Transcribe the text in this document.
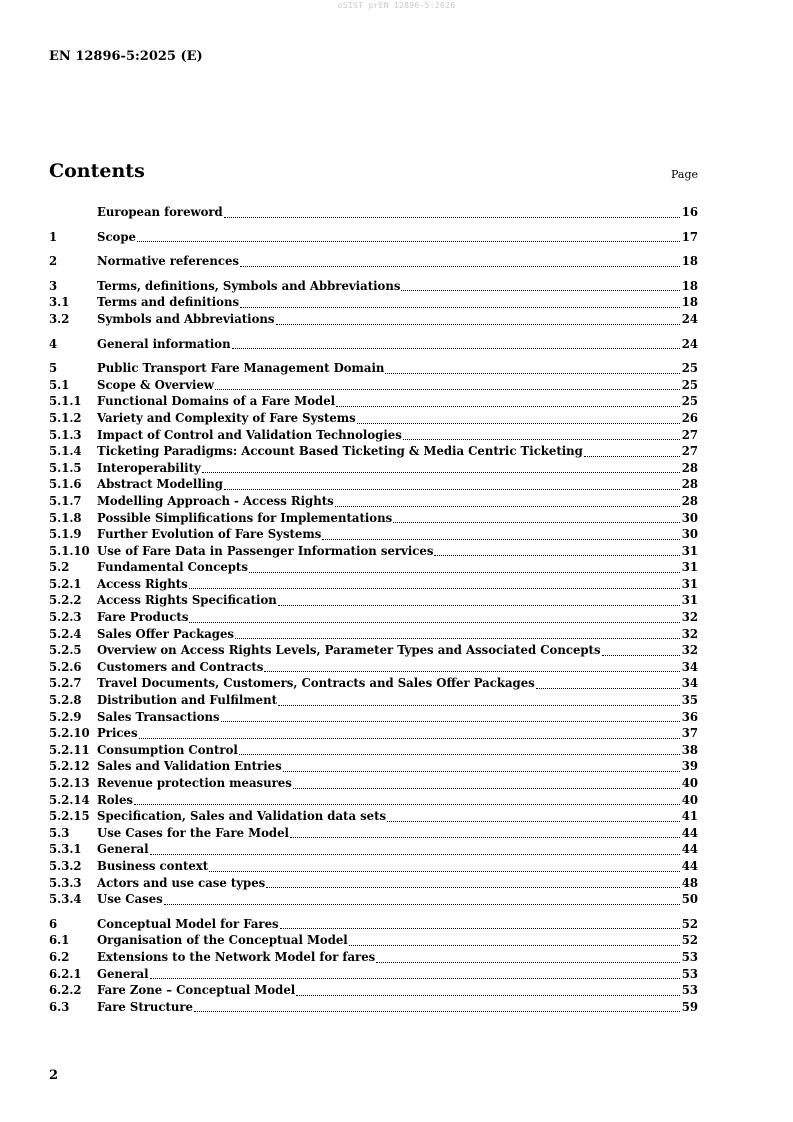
oSIST prEN 12896-5:2026
EN 12896-5:2025 (E)
Contents	Page
European foreword	16
1	Scope	17
2	Normative references	18
3	Terms, definitions, Symbols and Abbreviations	18
3.1	Terms and definitions	18
3.2	Symbols and Abbreviations	24
4	General information	24
5	Public Transport Fare Management Domain	25
5.1	Scope & Overview	25
5.1.1	Functional Domains of a Fare Model	25
5.1.2	Variety and Complexity of Fare Systems	26
5.1.3	Impact of Control and Validation Technologies	27
5.1.4	Ticketing Paradigms: Account Based Ticketing & Media Centric Ticketing	27
5.1.5	Interoperability	28
5.1.6	Abstract Modelling	28
5.1.7	Modelling Approach - Access Rights	28
5.1.8	Possible Simplifications for Implementations	30
5.1.9	Further Evolution of Fare Systems	30
5.1.10 Use of Fare Data in Passenger Information services	31
5.2	Fundamental Concepts	31
5.2.1	Access Rights	31
5.2.2	Access Rights Specification	31
5.2.3	Fare Products	32
5.2.4	Sales Offer Packages	32
5.2.5	Overview on Access Rights Levels, Parameter Types and Associated Concepts	32
5.2.6	Customers and Contracts	34
5.2.7	Travel Documents, Customers, Contracts and Sales Offer Packages	34
5.2.8	Distribution and Fulfilment	35
5.2.9	Sales Transactions	36
5.2.10 Prices	37
5.2.11 Consumption Control	38
5.2.12 Sales and Validation Entries	39
5.2.13 Revenue protection measures	40
5.2.14 Roles	40
5.2.15 Specification, Sales and Validation data sets	41
5.3	Use Cases for the Fare Model	44
5.3.1	General	44
5.3.2	Business context	44
5.3.3	Actors and use case types	48
5.3.4	Use Cases	50
6	Conceptual Model for Fares	52
6.1	Organisation of the Conceptual Model	52
6.2	Extensions to the Network Model for fares	53
6.2.1	General	53
6.2.2	Fare Zone – Conceptual Model	53
6.3	Fare Structure	59
2
